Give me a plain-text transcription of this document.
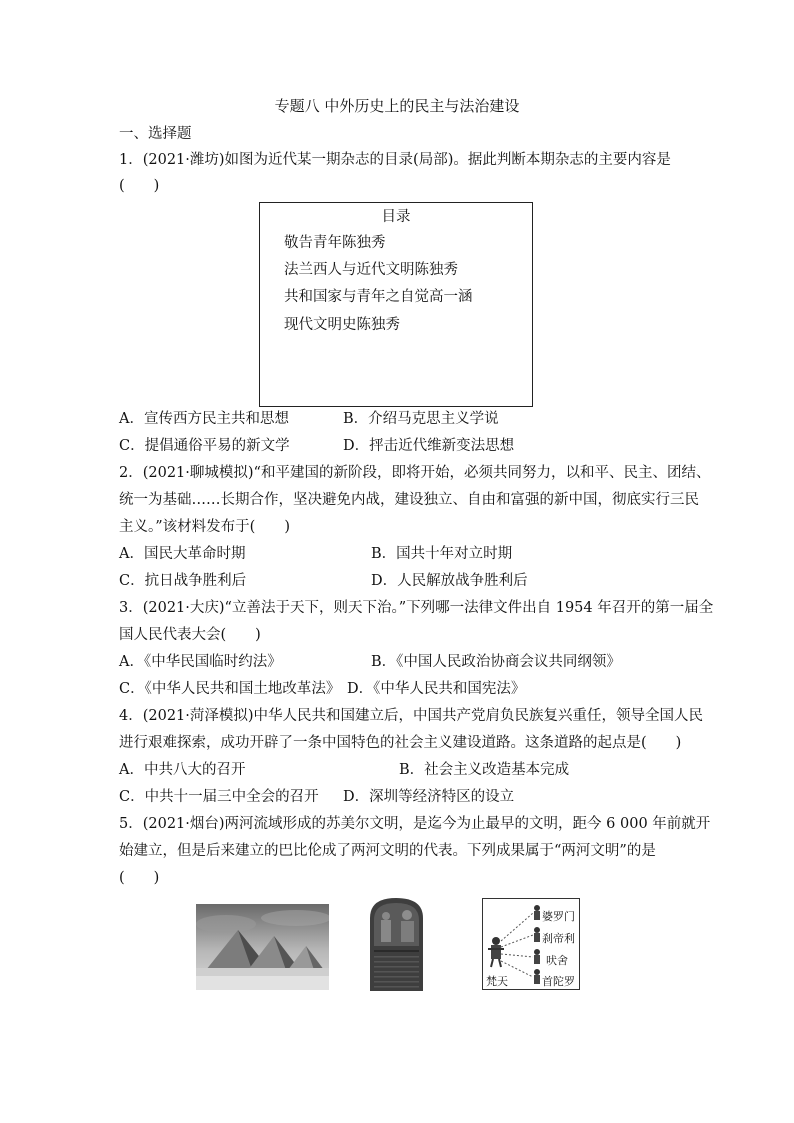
专题八 中外历史上的民主与法治建设
一、选择题
1．(2021·潍坊)如图为近代某一期杂志的目录(局部)。据此判断本期杂志的主要内容是
(　　)
目录
敬告青年陈独秀
法兰西人与近代文明陈独秀
共和国家与青年之自觉高一涵
现代文明史陈独秀
A．宣传西方民主共和思想	B．介绍马克思主义学说
C．提倡通俗平易的新文学	D．抨击近代维新变法思想
2．(2021·聊城模拟)“和平建国的新阶段，即将开始，必须共同努力，以和平、民主、团结、
统一为基础……长期合作，坚决避免内战，建设独立、自由和富强的新中国，彻底实行三民
主义。”该材料发布于(　　)
A．国民大革命时期	B．国共十年对立时期
C．抗日战争胜利后	D．人民解放战争胜利后
3．(2021·大庆)“立善法于天下，则天下治。”下列哪一法律文件出自 1954 年召开的第一届全
国人民代表大会(　　)
A．《中华民国临时约法》	B．《中国人民政治协商会议共同纲领》
C．《中华人民共和国土地改革法》 D．《中华人民共和国宪法》
4．(2021·菏泽模拟)中华人民共和国建立后，中国共产党肩负民族复兴重任，领导全国人民
进行艰难探索，成功开辟了一条中国特色的社会主义建设道路。这条道路的起点是(　　)
A．中共八大的召开	B．社会主义改造基本完成
C．中共十一届三中全会的召开 D．深圳等经济特区的设立
5．(2021·烟台)两河流域形成的苏美尔文明，是迄今为止最早的文明，距今 6 000 年前就开
始建立，但是后来建立的巴比伦成了两河文明的代表。下列成果属于“两河文明”的是
(　　)
婆罗门
刹帝利
吠舍
首陀罗
梵天
